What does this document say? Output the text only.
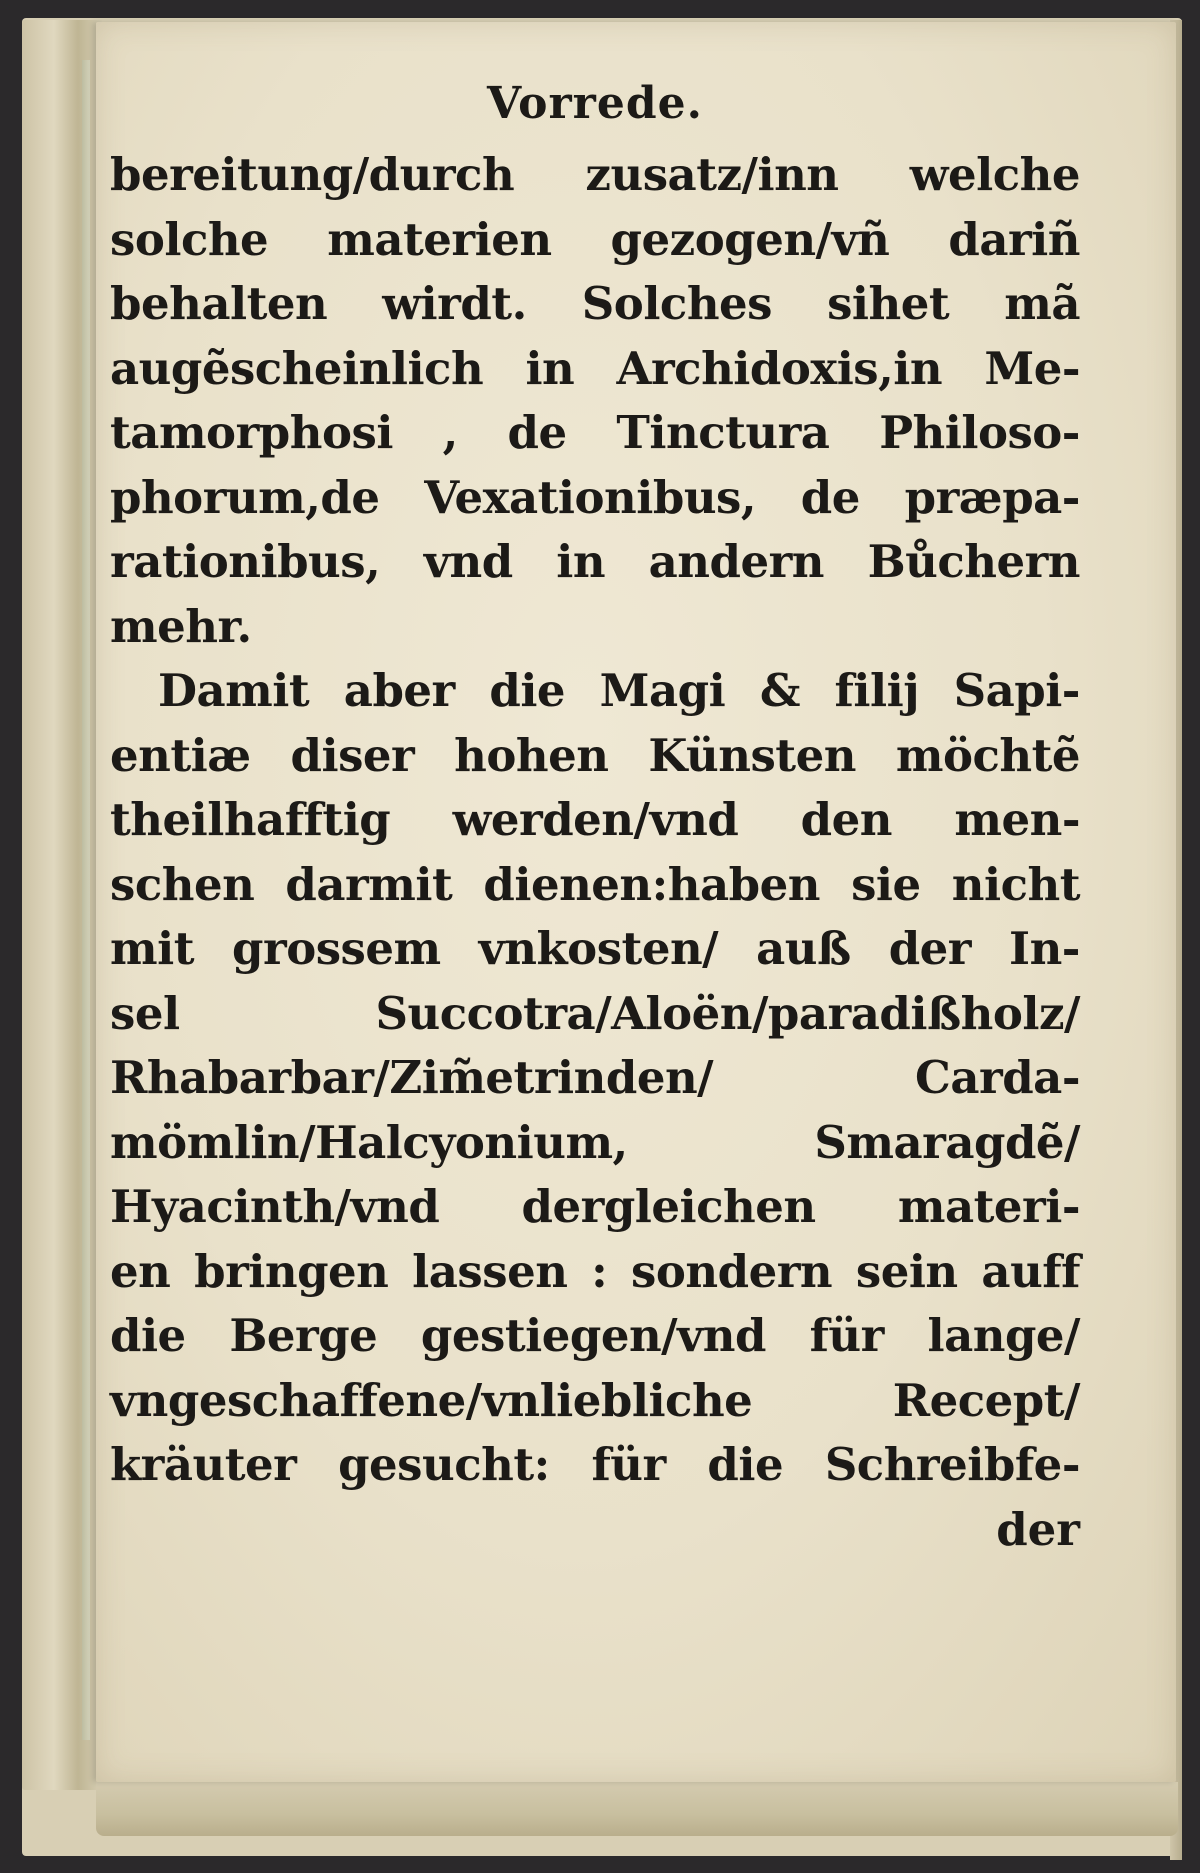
Vorrede.
bereitung/durch zusatz/inn welche
solche materien gezogen/vñ dariñ
behalten wirdt. Solches sihet mã
augẽscheinlich in Archidoxis,in Me-
tamorphosi , de Tinctura Philoso-
phorum,de Vexationibus, de præpa-
rationibus, vnd in andern Bůchern
mehr.
Damit aber die Magi & filij Sapi-
entiæ diser hohen Künsten möchtẽ
theilhafftig werden/vnd den men-
schen darmit dienen:haben sie nicht
mit grossem vnkosten/ auß der In-
sel Succotra/Aloën/paradißholz/
Rhabarbar/Zim̃etrinden/ Carda-
mömlin/Halcyonium, Smaragdẽ/
Hyacinth/vnd dergleichen materi-
en bringen lassen : sondern sein auff
die Berge gestiegen/vnd für lange/
vngeschaffene/vnliebliche Recept/
kräuter gesucht: für die Schreibfe-
der
